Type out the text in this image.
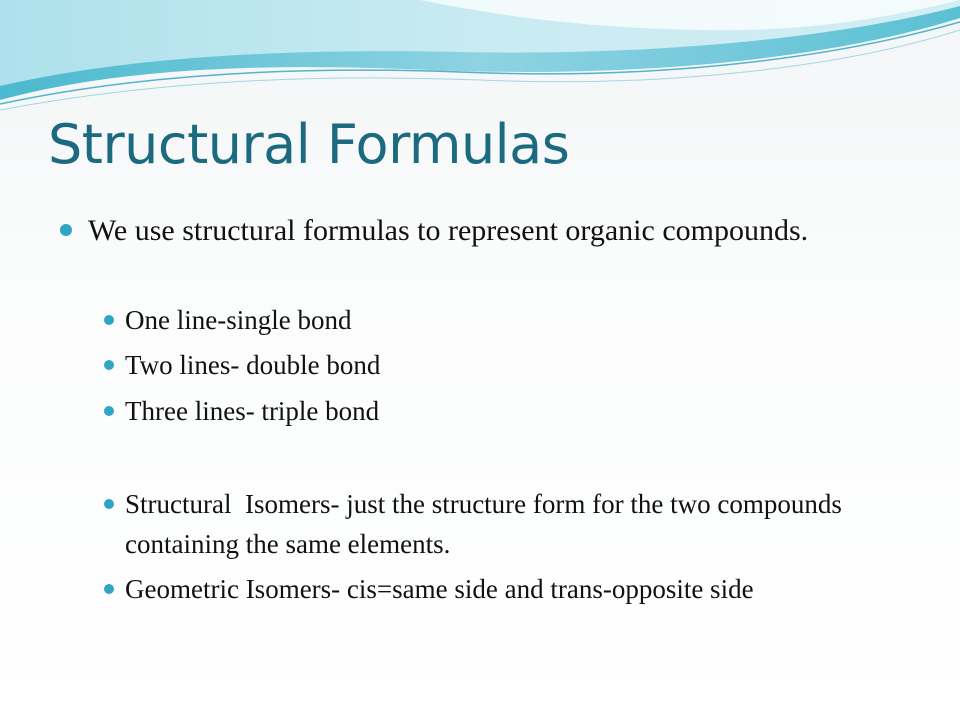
Structural Formulas
We use structural formulas to represent organic compounds.
One line-single bond
Two lines- double bond
Three lines- triple bond
Structural  Isomers- just the structure form for the two compounds containing the same elements.
Geometric Isomers- cis=same side and trans-opposite side
